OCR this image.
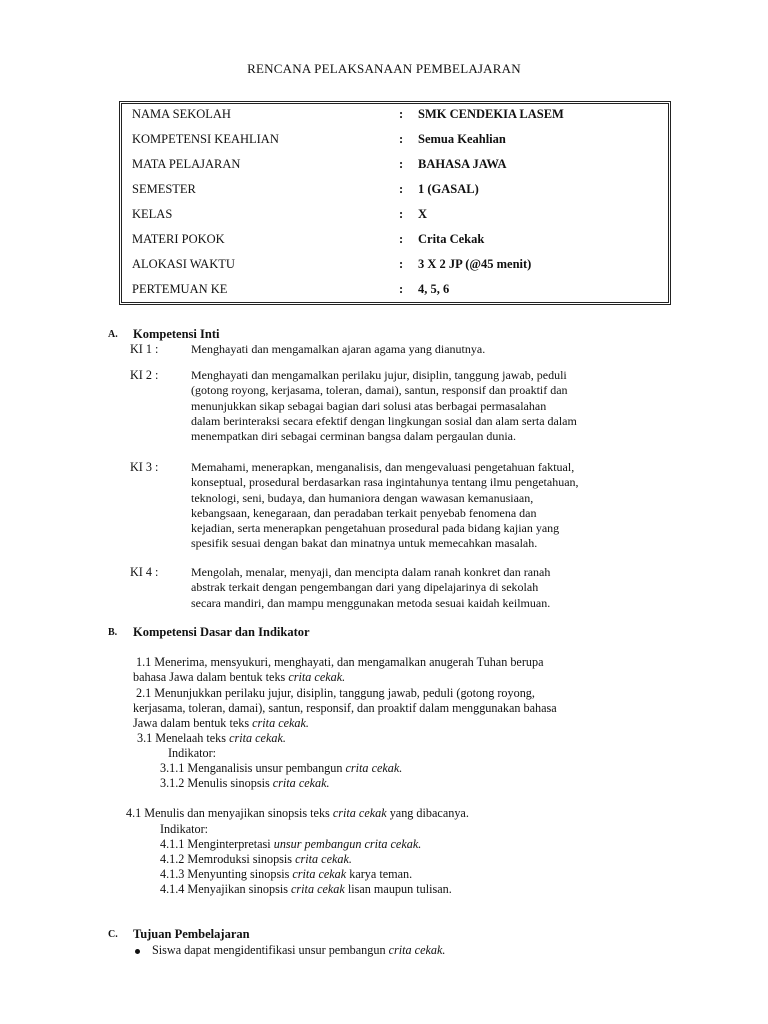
RENCANA PELAKSANAAN PEMBELAJARAN
NAMA SEKOLAH	: SMK CENDEKIA LASEM
KOMPETENSI KEAHLIAN	: Semua Keahlian
MATA PELAJARAN	: BAHASA JAWA
SEMESTER	: 1 (GASAL)
KELAS	: X
MATERI POKOK	: Crita Cekak
ALOKASI WAKTU	: 3 X 2 JP (@45 menit)
PERTEMUAN KE	: 4, 5, 6
A. Kompetensi Inti
KI 1 :	Menghayati dan mengamalkan ajaran agama yang dianutnya.
KI 2 :	Menghayati dan mengamalkan perilaku jujur, disiplin, tanggung jawab, peduli
(gotong royong, kerjasama, toleran, damai), santun, responsif dan proaktif dan
menunjukkan sikap sebagai bagian dari solusi atas berbagai permasalahan
dalam berinteraksi secara efektif dengan lingkungan sosial dan alam serta dalam
menempatkan diri sebagai cerminan bangsa dalam pergaulan dunia.
KI 3 :	Memahami, menerapkan, menganalisis, dan mengevaluasi pengetahuan faktual,
konseptual, prosedural berdasarkan rasa ingintahunya tentang ilmu pengetahuan,
teknologi, seni, budaya, dan humaniora dengan wawasan kemanusiaan,
kebangsaan, kenegaraan, dan peradaban terkait penyebab fenomena dan
kejadian, serta menerapkan pengetahuan prosedural pada bidang kajian yang
spesifik sesuai dengan bakat dan minatnya untuk memecahkan masalah.
KI 4 :	Mengolah, menalar, menyaji, dan mencipta dalam ranah konkret dan ranah
abstrak terkait dengan pengembangan dari yang dipelajarinya di sekolah
secara mandiri, dan mampu menggunakan metoda sesuai kaidah keilmuan.
B. Kompetensi Dasar dan Indikator
1.1 Menerima, mensyukuri, menghayati, dan mengamalkan anugerah Tuhan berupa
bahasa Jawa dalam bentuk teks crita cekak.
2.1 Menunjukkan perilaku jujur, disiplin, tanggung jawab, peduli (gotong royong,
kerjasama, toleran, damai), santun, responsif, dan proaktif dalam menggunakan bahasa
Jawa dalam bentuk teks crita cekak.
3.1 Menelaah teks crita cekak.
Indikator:
3.1.1 Menganalisis unsur pembangun crita cekak.
3.1.2 Menulis sinopsis crita cekak.
4.1 Menulis dan menyajikan sinopsis teks crita cekak yang dibacanya.
Indikator:
4.1.1 Menginterpretasi unsur pembangun crita cekak.
4.1.2 Memroduksi sinopsis crita cekak.
4.1.3 Menyunting sinopsis crita cekak karya teman.
4.1.4 Menyajikan sinopsis crita cekak lisan maupun tulisan.
C. Tujuan Pembelajaran
Siswa dapat mengidentifikasi unsur pembangun crita cekak.
